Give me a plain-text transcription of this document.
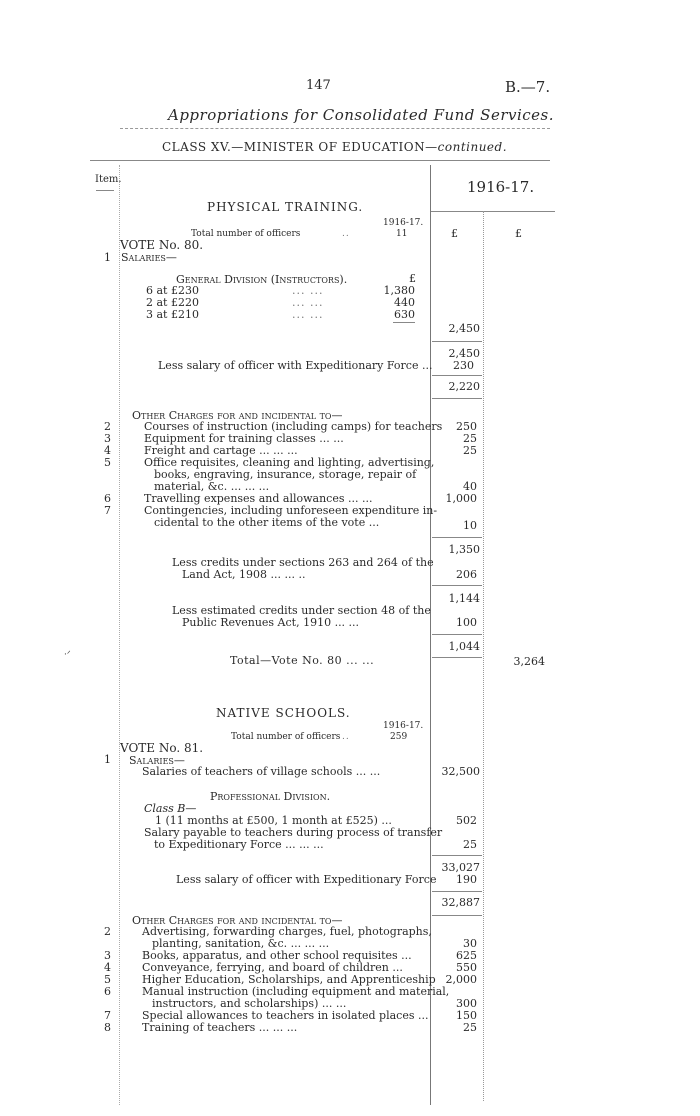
147	B.—7.
Appropriations for Consolidated Fund Services.
CLASS XV.—MINISTER OF EDUCATION—continued.
Item.	1916-17.
£	£
PHYSICAL TRAINING.
1916-17.
Total number of officers	..	11
VOTE No. 80.
1 Salaries—
General Division (Instructors).	£
6 at £230	... ...	1,380
2 at £220	... ...	440
3 at £210	... ...	630
2,450
2,450
Less salary of officer with Expeditionary Force ...	230
2,220
Other Charges for and incidental to—
2	Courses of instruction (including camps) for teachers	250
3	Equipment for training classes ... ...	25
4	Freight and cartage ... ... ...	25
5	Office requisites, cleaning and lighting, advertising,
books, engraving, insurance, storage, repair of
material, &c. ... ... ...	40
6	Travelling expenses and allowances ... ...	1,000
7	Contingencies, including unforeseen expenditure in-
cidental to the other items of the vote ...	10
1,350
Less credits under sections 263 and 264 of the
Land Act, 1908 ... ... ..	206
1,144
Less estimated credits under section 48 of the
Public Revenues Act, 1910 ... ...	100
1,044
Total—Vote No. 80 ... ...	3,264
·ᐟ
NATIVE SCHOOLS.
1916-17.
Total number of officers ..	259
VOTE No. 81.
1 Salaries—
Salaries of teachers of village schools ... ...	32,500
Professional Division.
Class B—
1 (11 months at £500, 1 month at £525) ...	502
Salary payable to teachers during process of transfer
to Expeditionary Force ... ... ...	25
33,027
Less salary of officer with Expeditionary Force	190
32,887
Other Charges for and incidental to—
2	Advertising, forwarding charges, fuel, photographs,
planting, sanitation, &c. ... ... ...	30
3	Books, apparatus, and other school requisites ...	625
4	Conveyance, ferrying, and board of children ...	550
5	Higher Education, Scholarships, and Apprenticeship 2,000
6	Manual instruction (including equipment and material,
instructors, and scholarships) ... ...	300
7	Special allowances to teachers in isolated places ...	150
8	Training of teachers ... ... ...	25
